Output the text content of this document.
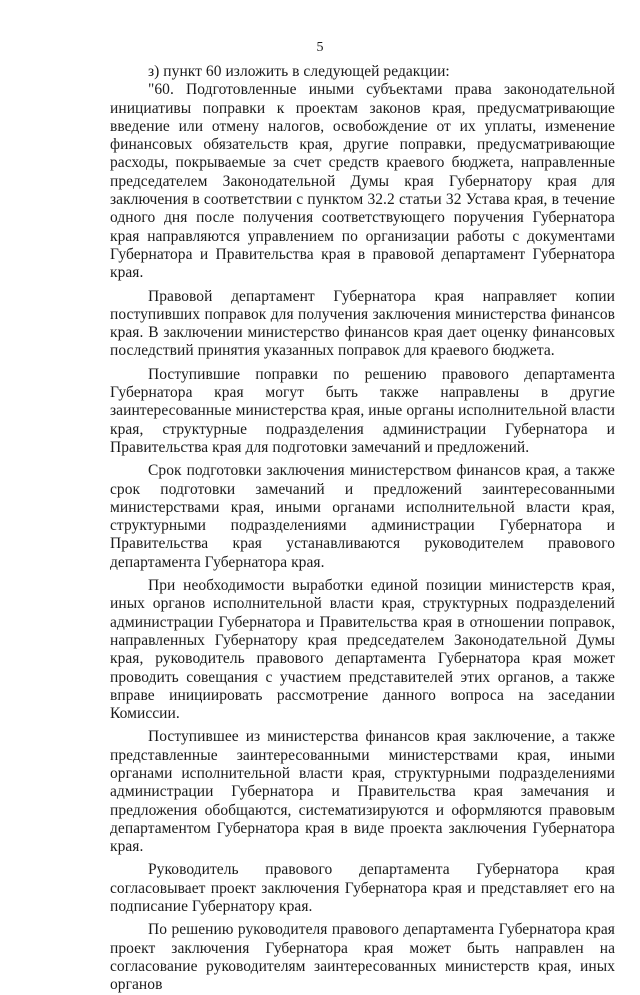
5

з) пункт 60 изложить в следующей редакции:

"60. Подготовленные иными субъектами права законодательной инициативы поправки к проектам законов края, предусматривающие введение или отмену налогов, освобождение от их уплаты, изменение финансовых обязательств края, другие поправки, предусматривающие расходы, покрываемые за счет средств краевого бюджета, направленные председателем Законодательной Думы края Губернатору края для заключения в соответствии с пунктом 32.2 статьи 32 Устава края, в течение одного дня после получения соответствующего поручения Губернатора края направляются управлением по организации работы с документами Губернатора и Правительства края в правовой департамент Губернатора края.

Правовой департамент Губернатора края направляет копии поступивших поправок для получения заключения министерства финансов края. В заключении министерство финансов края дает оценку финансовых последствий принятия указанных поправок для краевого бюджета.

Поступившие поправки по решению правового департамента Губернатора края могут быть также направлены в другие заинтересованные министерства края, иные органы исполнительной власти края, структурные подразделения администрации Губернатора и Правительства края для подготовки замечаний и предложений.

Срок подготовки заключения министерством финансов края, а также срок подготовки замечаний и предложений заинтересованными министерствами края, иными органами исполнительной власти края, структурными подразделениями администрации Губернатора и Правительства края устанавливаются руководителем правового департамента Губернатора края.

При необходимости выработки единой позиции министерств края, иных органов исполнительной власти края, структурных подразделений администрации Губернатора и Правительства края в отношении поправок, направленных Губернатору края председателем Законодательной Думы края, руководитель правового департамента Губернатора края может проводить совещания с участием представителей этих органов, а также вправе инициировать рассмотрение данного вопроса на заседании Комиссии.

Поступившее из министерства финансов края заключение, а также представленные заинтересованными министерствами края, иными органами исполнительной власти края, структурными подразделениями администрации Губернатора и Правительства края замечания и предложения обобщаются, систематизируются и оформляются правовым департаментом Губернатора края в виде проекта заключения Губернатора края.

Руководитель правового департамента Губернатора края согласовывает проект заключения Губернатора края и представляет его на подписание Губернатору края.

По решению руководителя правового департамента Губернатора края проект заключения Губернатора края может быть направлен на согласование руководителям заинтересованных министерств края, иных органов
